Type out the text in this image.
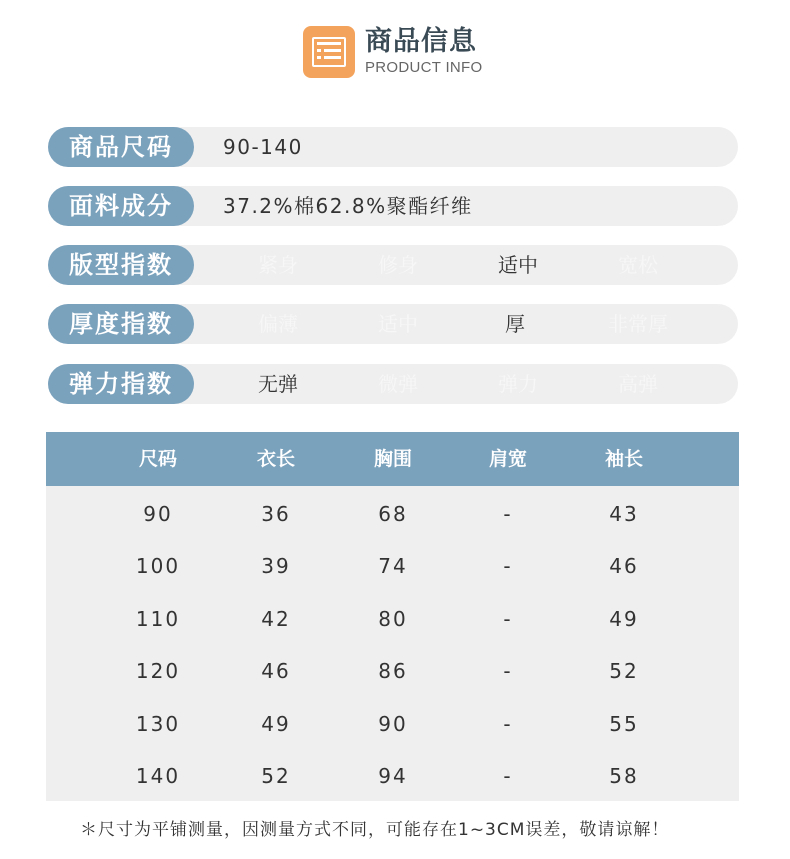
商品信息
PRODUCT INFO
商品尺码	90-140
面料成分	37.2%棉62.8%聚酯纤维
版型指数	紧身	修身	适中	宽松
厚度指数	偏薄	适中	厚	非常厚
弹力指数	无弹	微弹	弹力	高弹
尺码	衣长	胸围	肩宽	袖长
90	36	68	-	43
100	39	74	-	46
110	42	80	-	49
120	46	86	-	52
130	49	90	-	55
140	52	94	-	58
＊尺寸为平铺测量，因测量方式不同，可能存在1~3CM误差，敬请谅解！
